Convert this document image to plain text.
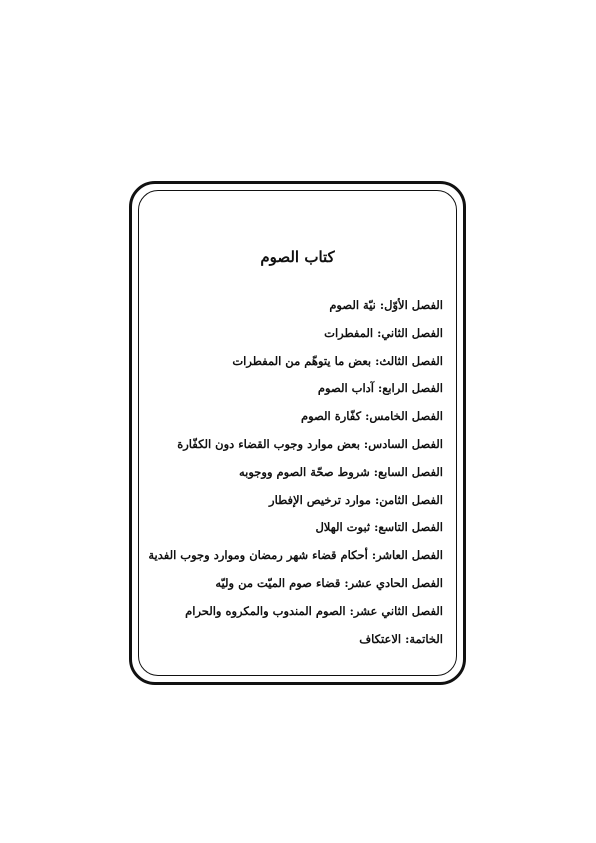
كتاب الصوم
الفصل الأوّل: نيّة الصوم
الفصل الثاني: المفطرات
الفصل الثالث: بعض ما يتوهّم من المفطرات
الفصل الرابع: آداب الصوم
الفصل الخامس: كفّارة الصوم
الفصل السادس: بعض موارد وجوب القضاء دون الكفّارة
الفصل السابع: شروط صحّة الصوم ووجوبه
الفصل الثامن: موارد ترخيص الإفطار
الفصل التاسع: ثبوت الهلال
الفصل العاشر: أحكام قضاء شهر رمضان وموارد وجوب الفدية
الفصل الحادي عشر: قضاء صوم الميّت من وليّه
الفصل الثاني عشر: الصوم المندوب والمكروه والحرام
الخاتمة: الاعتكاف
